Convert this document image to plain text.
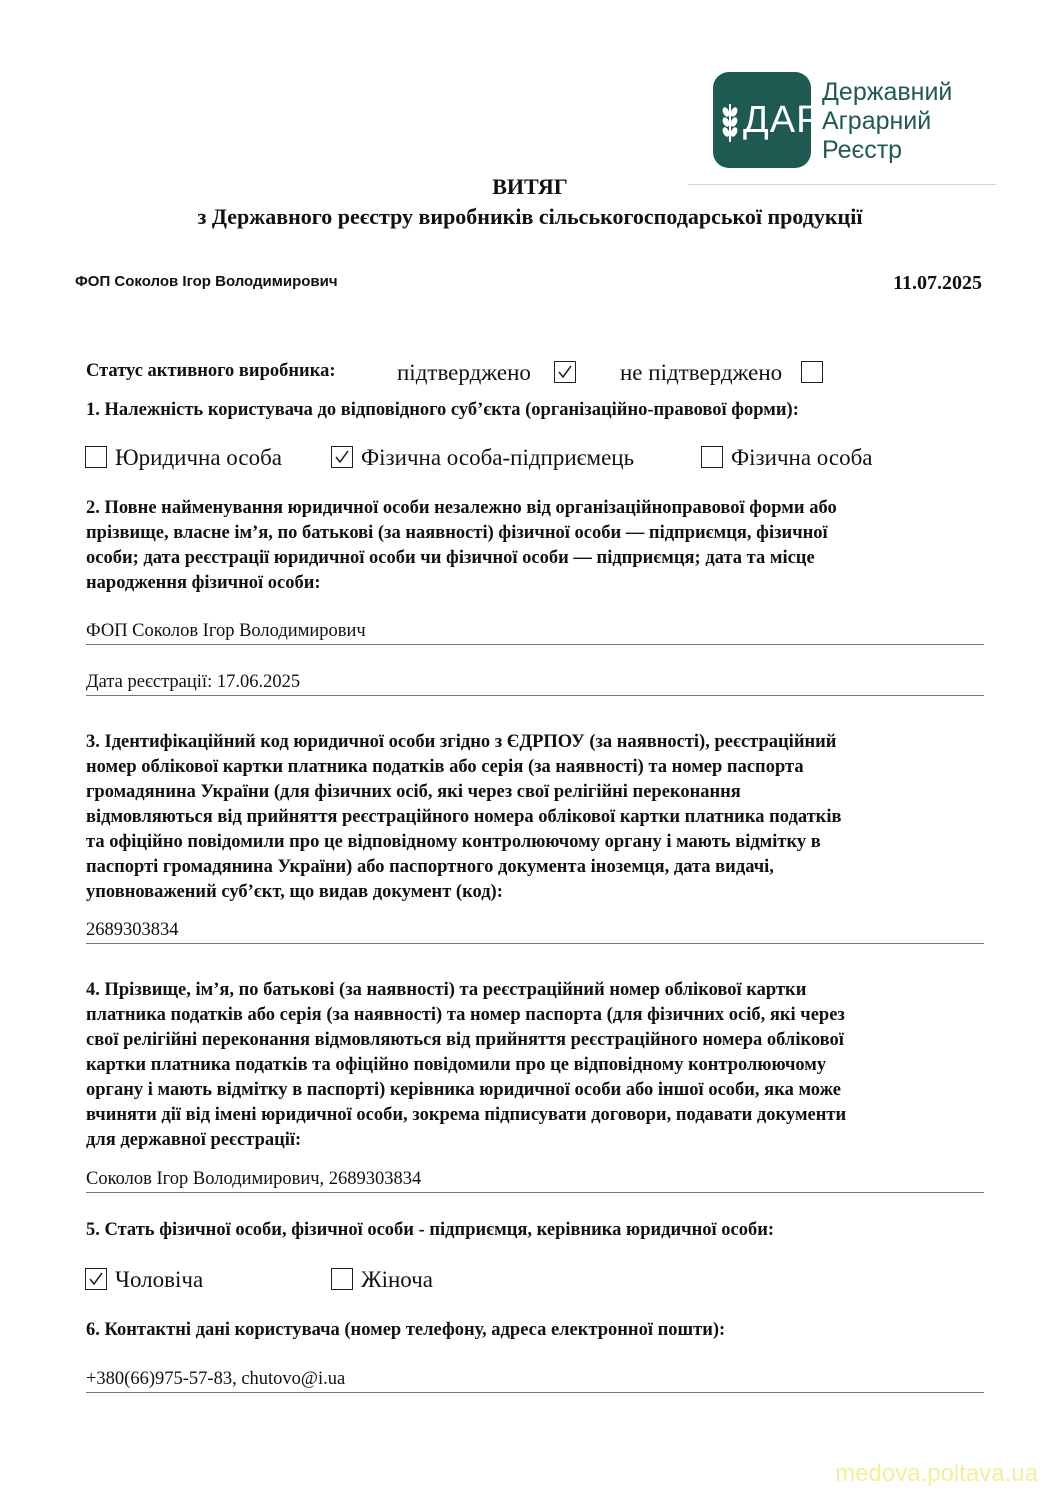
ДАР
Державний
Аграрний
Реєстр
ВИТЯГ
з Державного реєстру виробників сільськогосподарської продукції
ФОП Соколов Ігор Володимирович	11.07.2025
Статус активного виробника:	підтверджено	не підтверджено
1. Належність користувача до відповідного суб’єкта (організаційно-правової форми):
Юридична особа	Фізична особа-підприємець	Фізична особа
2. Повне найменування юридичної особи незалежно від організаційноправової форми або
прізвище, власне ім’я, по батькові (за наявності) фізичної особи — підприємця, фізичної
особи; дата реєстрації юридичної особи чи фізичної особи — підприємця; дата та місце
народження фізичної особи:
ФОП Соколов Ігор Володимирович
Дата реєстрації: 17.06.2025
3. Ідентифікаційний код юридичної особи згідно з ЄДРПОУ (за наявності), реєстраційний
номер облікової картки платника податків або серія (за наявності) та номер паспорта
громадянина України (для фізичних осіб, які через свої релігійні переконання
відмовляються від прийняття реєстраційного номера облікової картки платника податків
та офіційно повідомили про це відповідному контролюючому органу і мають відмітку в
паспорті громадянина України) або паспортного документа іноземця, дата видачі,
уповноважений суб’єкт, що видав документ (код):
2689303834
4. Прізвище, ім’я, по батькові (за наявності) та реєстраційний номер облікової картки
платника податків або серія (за наявності) та номер паспорта (для фізичних осіб, які через
свої релігійні переконання відмовляються від прийняття реєстраційного номера облікової
картки платника податків та офіційно повідомили про це відповідному контролюючому
органу і мають відмітку в паспорті) керівника юридичної особи або іншої особи, яка може
вчиняти дії від імені юридичної особи, зокрема підписувати договори, подавати документи
для державної реєстрації:
Соколов Ігор Володимирович, 2689303834
5. Стать фізичної особи, фізичної особи - підприємця, керівника юридичної особи:
Чоловіча	Жіноча
6. Контактні дані користувача (номер телефону, адреса електронної пошти):
+380(66)975-57-83, chutovo@i.ua
medova.poltava.ua
